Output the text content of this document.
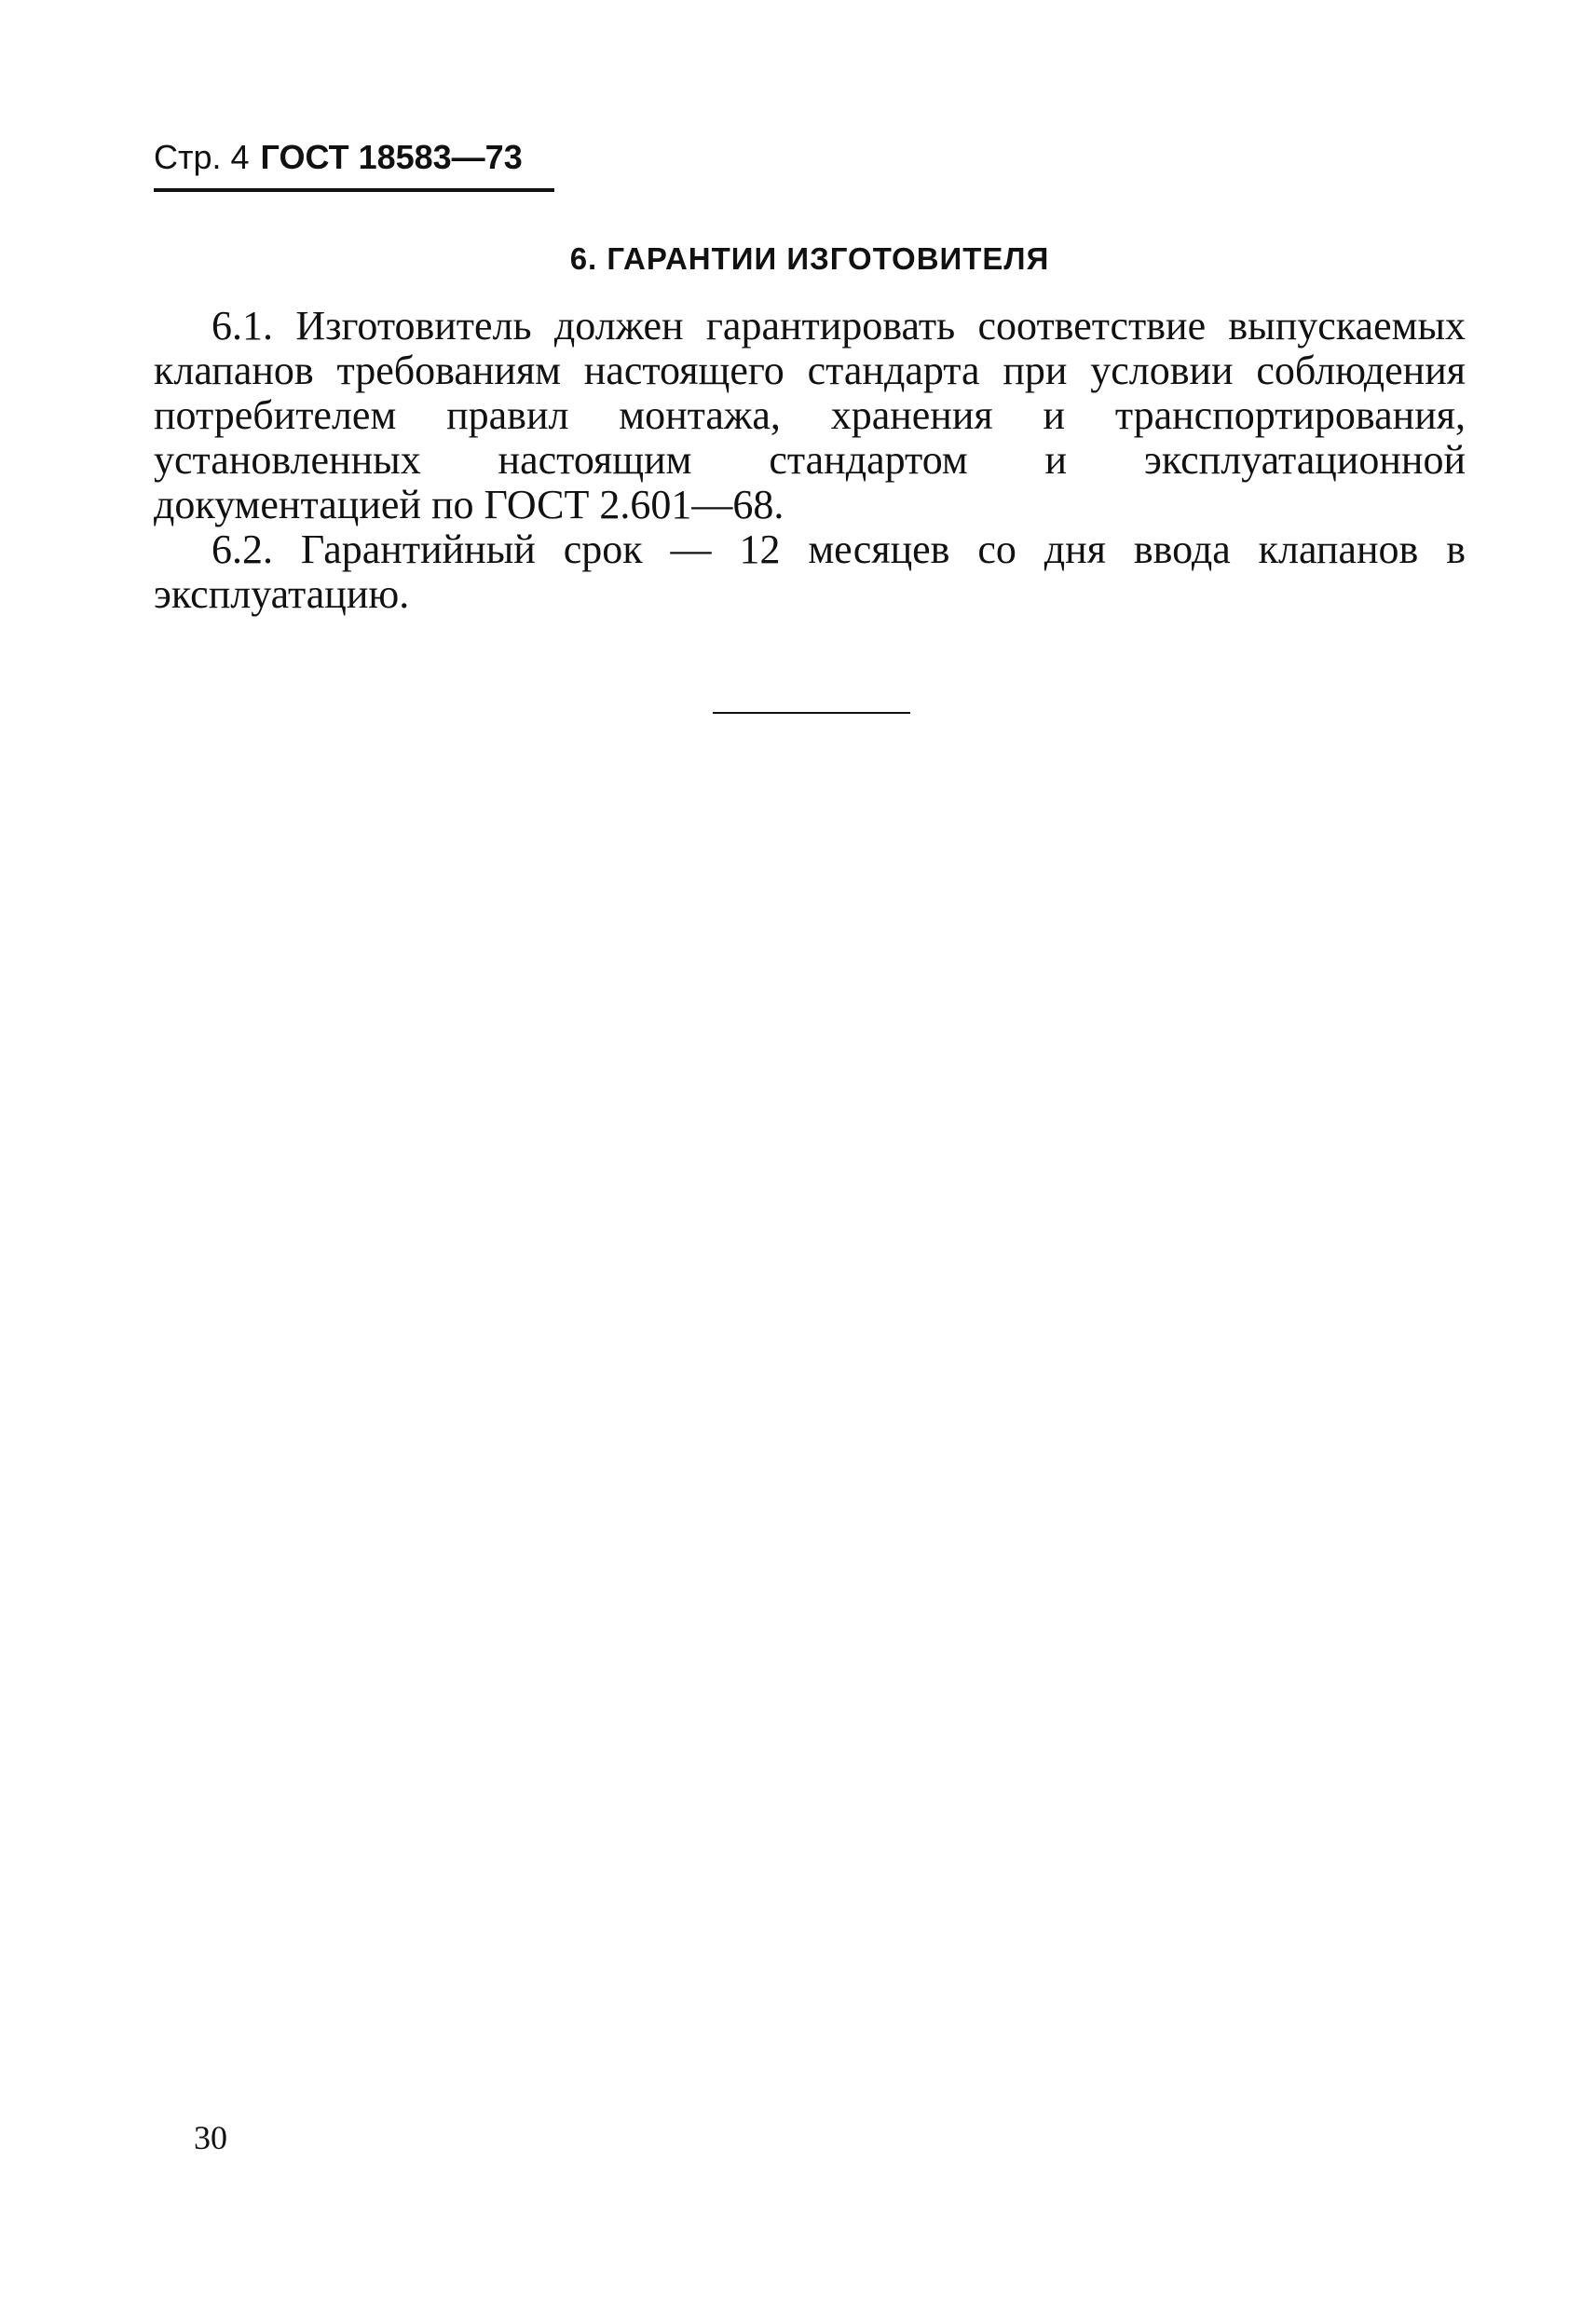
Стр. 4 ГОСТ 18583—73
6. ГАРАНТИИ ИЗГОТОВИТЕЛЯ

6.1. Изготовитель должен гарантировать соответствие выпускаемых клапанов требованиям настоящего стандарта при условии соблюдения потребителем правил монтажа, хранения и транспортирования, установленных настоящим стандартом и эксплуатационной документацией по ГОСТ 2.601—68.

6.2. Гарантийный срок — 12 месяцев со дня ввода клапанов в эксплуатацию.

30
